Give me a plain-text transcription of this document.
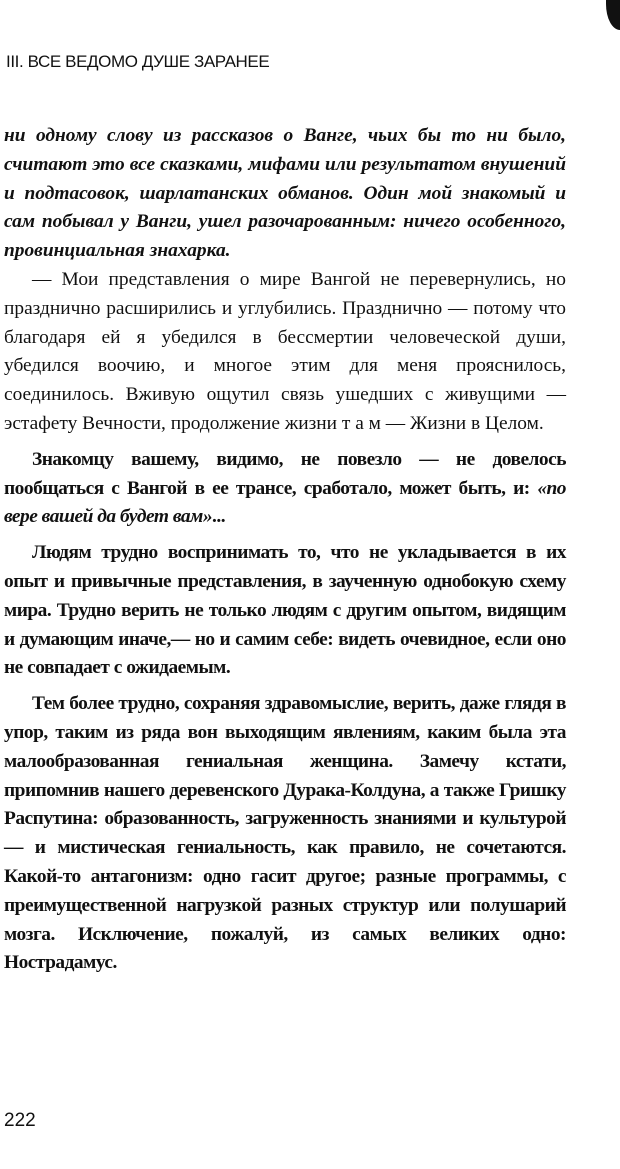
III. ВСЕ ВЕДОМО ДУШЕ ЗАРАНЕЕ

ни одному слову из рассказов о Ванге, чьих бы то ни было, считают это все сказками, мифами или результатом внушений и подтасовок, шарлатанских обманов. Один мой знакомый и сам побывал у Ванги, ушел разочарованным: ничего особенного, провинциальная знахарка.

— Мои представления о мире Вангой не перевернулись, но празднично расширились и углубились. Празднично — потому что благодаря ей я убедился в бессмертии человеческой души, убедился воочию, и многое этим для меня прояснилось, соединилось. Вживую ощутил связь ушедших с живущими — эстафету Вечности, продолжение жизни т а м — Жизни в Целом.

Знакомцу вашему, видимо, не повезло — не довелось пообщаться с Вангой в ее трансе, сработало, может быть, и: «по вере вашей да будет вам»...

Людям трудно воспринимать то, что не укладывается в их опыт и привычные представления, в заученную однобокую схему мира. Трудно верить не только людям с другим опытом, видящим и думающим иначе,— но и самим себе: видеть очевидное, если оно не совпадает с ожидаемым.

Тем более трудно, сохраняя здравомыслие, верить, даже глядя в упор, таким из ряда вон выходящим явлениям, каким была эта малообразованная гениальная женщина. Замечу кстати, припомнив нашего деревенского Дурака-Колдуна, а также Гришку Распутина: образованность, загруженность знаниями и культурой — и мистическая гениальность, как правило, не сочетаются. Какой-то антагонизм: одно гасит другое; разные программы, с преимущественной нагрузкой разных структур или полушарий мозга. Исключение, пожалуй, из самых великих одно: Нострадамус.

222
